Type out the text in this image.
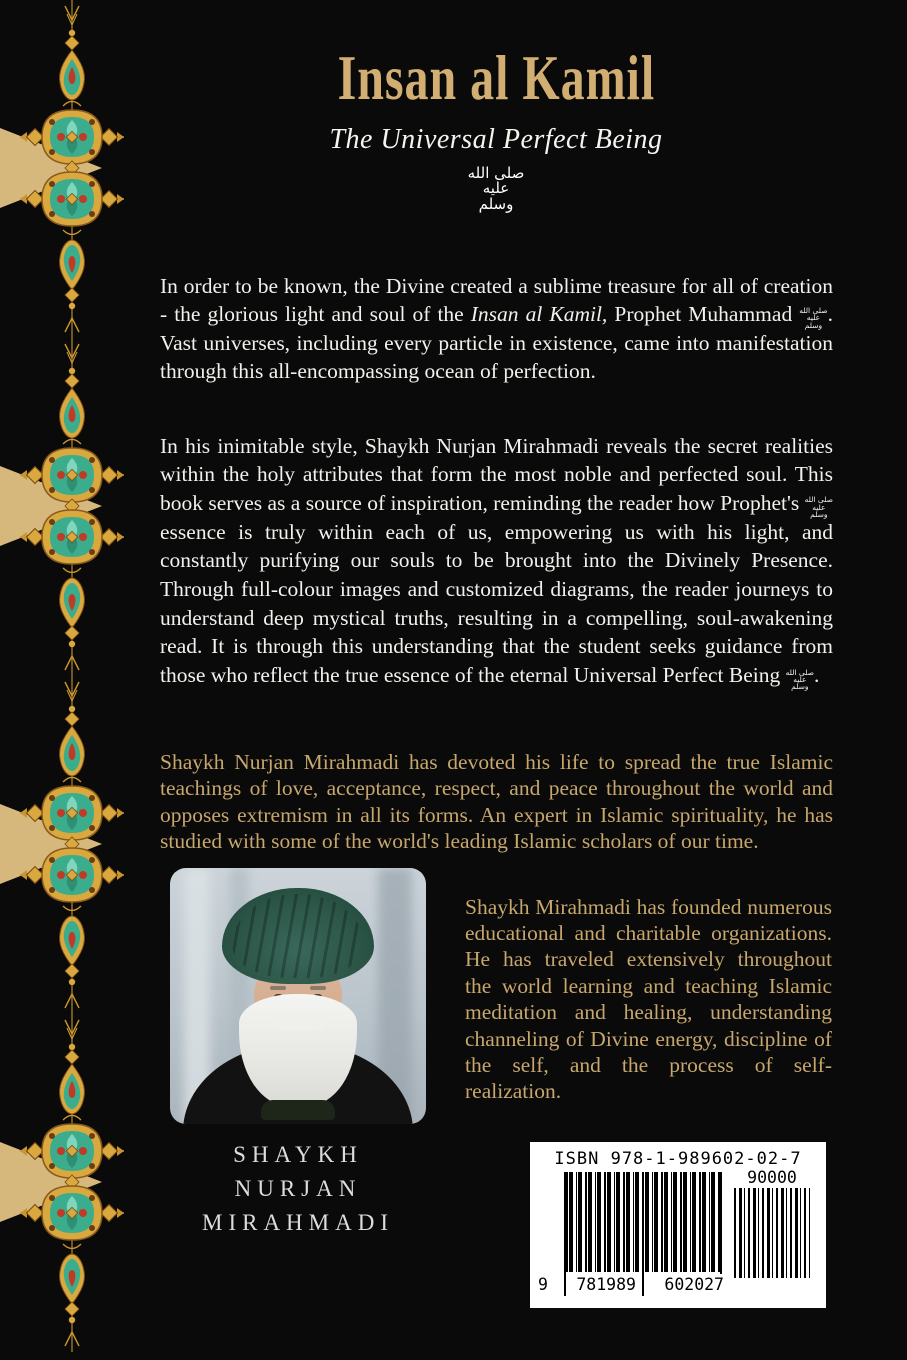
Insan al Kamil
The Universal Perfect Being
صلى الله
عليه
وسلم

In order to be known, the Divine created a sublime treasure for all of creation - the glorious light and soul of the Insan al Kamil, Prophet Muhammad صلى الله
عليه
وسلم . Vast universes, including every particle in existence, came into manifestation through this all-encompassing ocean of perfection.

In his inimitable style, Shaykh Nurjan Mirahmadi reveals the secret realities within the holy attributes that form the most noble and perfected soul. This book serves as a source of inspiration, reminding the reader how Prophet's صلى الله
عليه
وسلم
essence is truly within each of us, empowering us with his light, and constantly purifying our souls to be brought into the Divinely Presence. Through full-colour images and customized diagrams, the reader journeys to understand deep mystical truths, resulting in a compelling, soul-awakening read. It is through this understanding that the student seeks guidance from those who reflect the true essence of the eternal Universal Perfect Being صلى الله
عليه
وسلم .

Shaykh Nurjan Mirahmadi has devoted his life to spread the true Islamic teachings of love, acceptance, respect, and peace throughout the world and opposes extremism in all its forms. An expert in Islamic spirituality, he has studied with some of the world's leading Islamic scholars of our time.

Shaykh Mirahmadi has founded numerous educational and charitable organizations. He has traveled extensively throughout the world learning and teaching Islamic meditation and healing, understanding channeling of Divine energy, discipline of the self, and the process of self-realization.

SHAYKH
NURJAN
MIRAHMADI
ISBN 978-1-989602-02-7
9 781989 602027
90000
